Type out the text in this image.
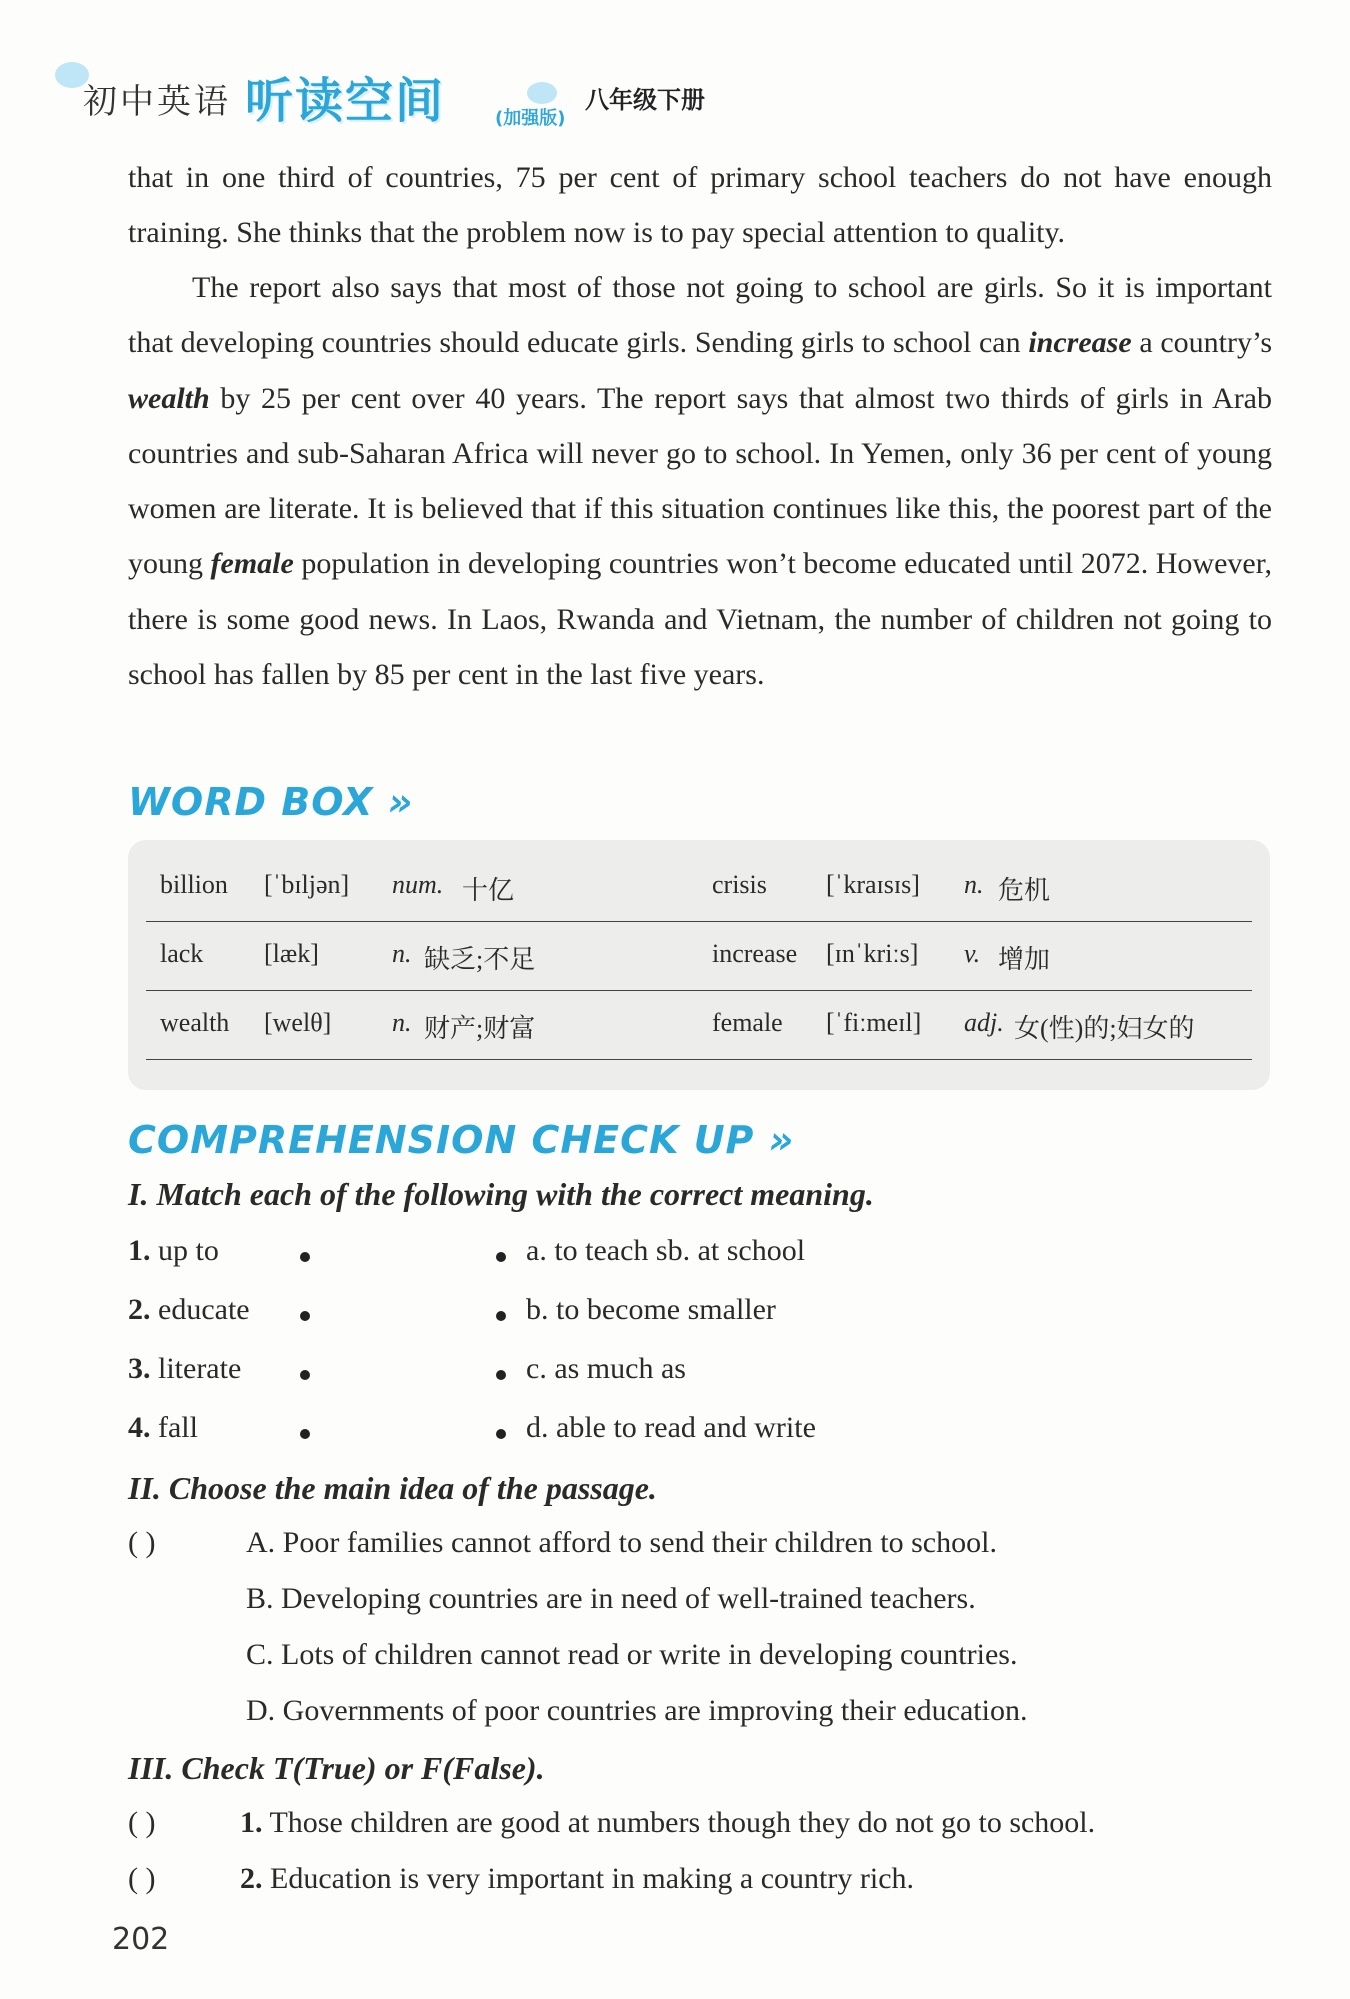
初中英语 听读空间	(加强版)
八年级下册

that in one third of countries, 75 per cent of primary school teachers do not have enough training. She thinks that the problem now is to pay special attention to quality.

The report also says that most of those not going to school are girls. So it is important that developing countries should educate girls. Sending girls to school can increase a country’s wealth by 25 per cent over 40 years. The report says that almost two thirds of girls in Arab countries and sub-Saharan Africa will never go to school. In Yemen, only 36 per cent of young women are literate. It is believed that if this situation continues like this, the poorest part of the young female population in developing countries won’t become educated until 2072. However, there is some good news. In Laos, Rwanda and Vietnam, the number of children not going to school has fallen by 85 per cent in the last five years.

WORD BOX »
billion [ˈbɪljən] num. 十亿	crisis [ˈkraɪsɪs] n. 危机
lack [læk]	n. 缺乏;不足	increase [ɪnˈkriːs] v. 增加
wealth [welθ] n. 财产;财富	female [ˈfiːmeɪl] adj. 女(性)的;妇女的
COMPREHENSION CHECK UP »
I. Match each of the following with the correct meaning.
1. up to	a. to teach sb. at school
2. educate	b. to become smaller
3. literate	c. as much as
4. fall	d. able to read and write
II. Choose the main idea of the passage.
( )	A. Poor families cannot afford to send their children to school.
B. Developing countries are in need of well-trained teachers.
C. Lots of children cannot read or write in developing countries.
D. Governments of poor countries are improving their education.
III. Check T(True) or F(False).
( )	1. Those children are good at numbers though they do not go to school.
( )	2. Education is very important in making a country rich.
202
